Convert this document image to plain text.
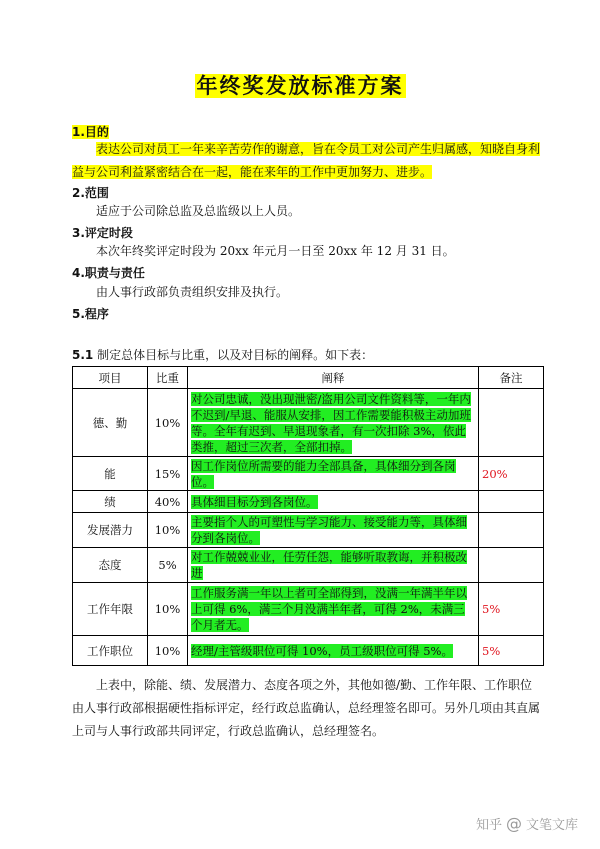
年终奖发放标准方案
1.目的
表达公司对员工一年来辛苦劳作的谢意，旨在令员工对公司产生归属感，知晓自身利益与公司利益紧密结合在一起，能在来年的工作中更加努力、进步。
2.范围
适应于公司除总监及总监级以上人员。
3.评定时段
本次年终奖评定时段为 20xx 年元月一日至 20xx 年 12 月 31 日。
4.职责与责任
由人事行政部负责组织安排及执行。
5.程序
5.1 制定总体目标与比重，以及对目标的阐释。如下表：
项目	比重	阐释	备注
德、勤	10%	对公司忠诚，没出现泄密/盗用公司文件资料等，一年内不迟到/早退、能服从安排，因工作需要能积极主动加班等。全年有迟到、早退现象者，有一次扣除 3%，依此类推，超过三次者，全部扣掉。	
能	15%	因工作岗位所需要的能力全部具备，具体细分到各岗位。	20%
绩	40%	具体细目标分到各岗位。	
发展潜力	10%	主要指个人的可塑性与学习能力、接受能力等，具体细分到各岗位。	
态度	5%	对工作兢兢业业，任劳任怨，能够听取教诲，并积极改进	
工作年限	10%	工作服务满一年以上者可全部得到，没满一年满半年以上可得 6%，满三个月没满半年者，可得 2%，未满三个月者无。	5%
工作职位	10%	经理/主管级职位可得 10%，员工级职位可得 5%。	5%
上表中，除能、绩、发展潜力、态度各项之外，其他如德/勤、工作年限、工作职位由人事行政部根据硬性指标评定，经行政总监确认，总经理签名即可。另外几项由其直属上司与人事行政部共同评定，行政总监确认，总经理签名。
知乎 @ 文笔文库
